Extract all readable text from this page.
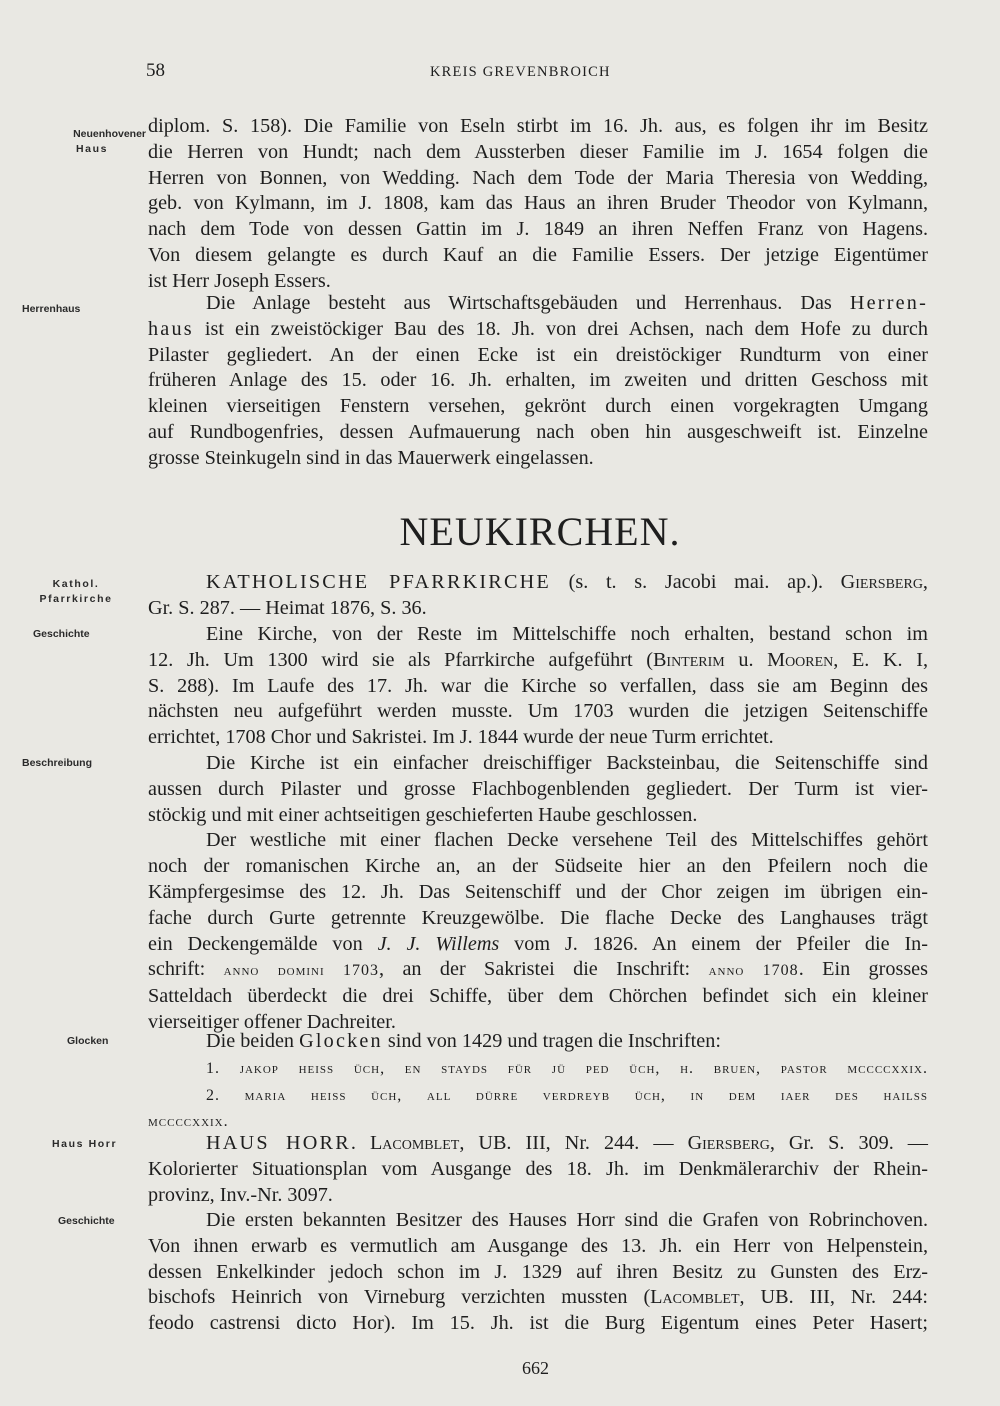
58	KREIS GREVENBROICH
Neuenhovener
Haus
Herrenhaus
Kathol.
Pfarrkirche
Geschichte
Beschreibung
Glocken
Haus Horr
Geschichte
diplom. S. 158). Die Familie von Eseln stirbt im 16. Jh. aus, es folgen ihr im Besitz
die Herren von Hundt; nach dem Aussterben dieser Familie im J. 1654 folgen die
Herren von Bonnen, von Wedding. Nach dem Tode der Maria Theresia von Wedding,
geb. von Kylmann, im J. 1808, kam das Haus an ihren Bruder Theodor von Kylmann,
nach dem Tode von dessen Gattin im J. 1849 an ihren Neffen Franz von Hagens.
Von diesem gelangte es durch Kauf an die Familie Essers. Der jetzige Eigentümer
ist Herr Joseph Essers.
Die Anlage besteht aus Wirtschaftsgebäuden und Herrenhaus. Das Herren-
haus ist ein zweistöckiger Bau des 18. Jh. von drei Achsen, nach dem Hofe zu durch
Pilaster gegliedert. An der einen Ecke ist ein dreistöckiger Rundturm von einer
früheren Anlage des 15. oder 16. Jh. erhalten, im zweiten und dritten Geschoss mit
kleinen vierseitigen Fenstern versehen, gekrönt durch einen vorgekragten Umgang
auf Rundbogenfries, dessen Aufmauerung nach oben hin ausgeschweift ist. Einzelne
grosse Steinkugeln sind in das Mauerwerk eingelassen.
NEUKIRCHEN.
KATHOLISCHE PFARRKIRCHE (s. t. s. Jacobi mai. ap.). Giersberg,
Gr. S. 287. — Heimat 1876, S. 36.
Eine Kirche, von der Reste im Mittelschiffe noch erhalten, bestand schon im
12. Jh. Um 1300 wird sie als Pfarrkirche aufgeführt (Binterim u. Mooren, E. K. I,
S. 288). Im Laufe des 17. Jh. war die Kirche so verfallen, dass sie am Beginn des
nächsten neu aufgeführt werden musste. Um 1703 wurden die jetzigen Seitenschiffe
errichtet, 1708 Chor und Sakristei. Im J. 1844 wurde der neue Turm errichtet.
Die Kirche ist ein einfacher dreischiffiger Backsteinbau, die Seitenschiffe sind
aussen durch Pilaster und grosse Flachbogenblenden gegliedert. Der Turm ist vier-
stöckig und mit einer achtseitigen geschieferten Haube geschlossen.
Der westliche mit einer flachen Decke versehene Teil des Mittelschiffes gehört
noch der romanischen Kirche an, an der Südseite hier an den Pfeilern noch die
Kämpfergesimse des 12. Jh. Das Seitenschiff und der Chor zeigen im übrigen ein-
fache durch Gurte getrennte Kreuzgewölbe. Die flache Decke des Langhauses trägt
ein Deckengemälde von J. J. Willems vom J. 1826. An einem der Pfeiler die In-
schrift: anno domini 1703, an der Sakristei die Inschrift: anno 1708. Ein grosses
Satteldach überdeckt die drei Schiffe, über dem Chörchen befindet sich ein kleiner
vierseitiger offener Dachreiter.
Die beiden Glocken sind von 1429 und tragen die Inschriften:
1. jakop heiss üch, en stayds für jü ped üch, h. bruen, pastor mccccxxix.
2. maria heiss üch, all dürre verdreyb üch, in dem iaer des hailss
mccccxxix.
HAUS HORR. Lacomblet, UB. III, Nr. 244. — Giersberg, Gr. S. 309. —
Kolorierter Situationsplan vom Ausgange des 18. Jh. im Denkmälerarchiv der Rhein-
provinz, Inv.-Nr. 3097.
Die ersten bekannten Besitzer des Hauses Horr sind die Grafen von Robrinchoven.
Von ihnen erwarb es vermutlich am Ausgange des 13. Jh. ein Herr von Helpenstein,
dessen Enkelkinder jedoch schon im J. 1329 auf ihren Besitz zu Gunsten des Erz-
bischofs Heinrich von Virneburg verzichten mussten (Lacomblet, UB. III, Nr. 244:
feodo castrensi dicto Hor). Im 15. Jh. ist die Burg Eigentum eines Peter Hasert;
662
